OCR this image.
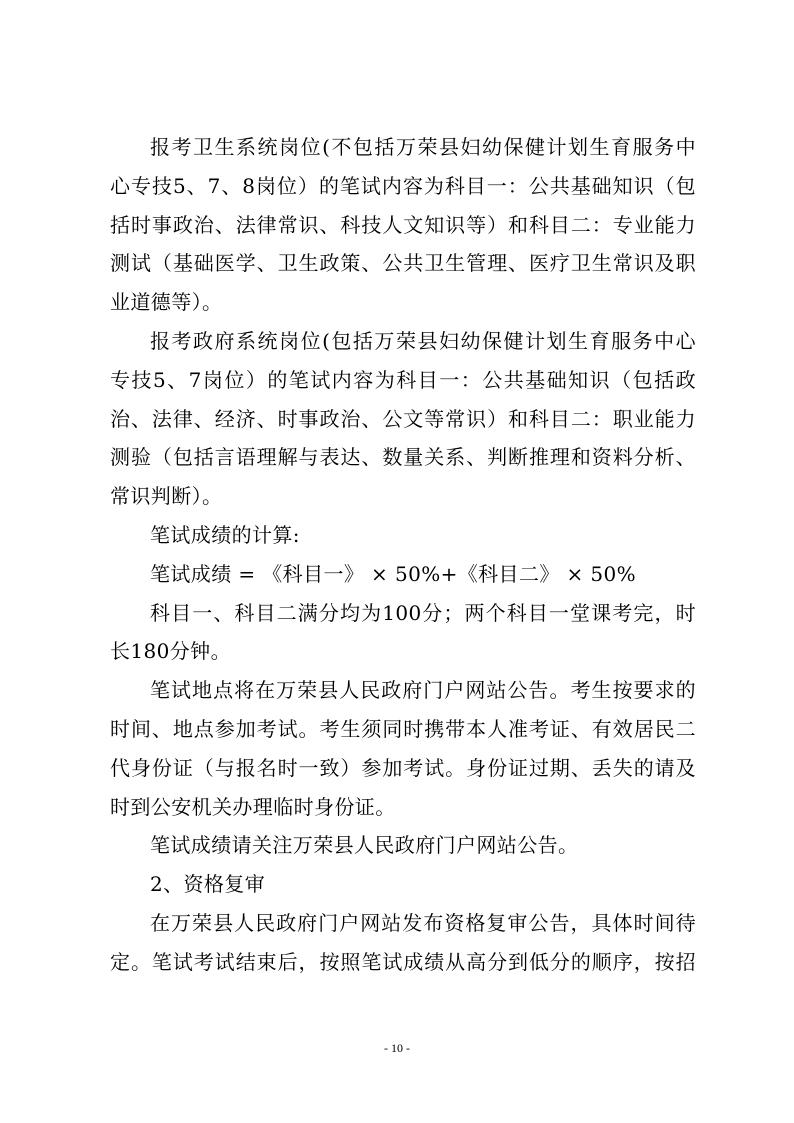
报考卫生系统岗位(不包括万荣县妇幼保健计划生育服务中
心专技5、7、8岗位）的笔试内容为科目一：公共基础知识（包
括时事政治、法律常识、科技人文知识等）和科目二：专业能力
测试（基础医学、卫生政策、公共卫生管理、医疗卫生常识及职
业道德等）。
报考政府系统岗位(包括万荣县妇幼保健计划生育服务中心
专技5、7岗位）的笔试内容为科目一：公共基础知识（包括政
治、法律、经济、时事政治、公文等常识）和科目二：职业能力
测验（包括言语理解与表达、数量关系、判断推理和资料分析、
常识判断）。
笔试成绩的计算:
笔试成绩 = 《科目一》 × 50%+《科目二》 × 50%
科目一、科目二满分均为100分；两个科目一堂课考完，时
长180分钟。
笔试地点将在万荣县人民政府门户网站公告。考生按要求的
时间、地点参加考试。考生须同时携带本人准考证、有效居民二
代身份证（与报名时一致）参加考试。身份证过期、丢失的请及
时到公安机关办理临时身份证。
笔试成绩请关注万荣县人民政府门户网站公告。
2、资格复审
在万荣县人民政府门户网站发布资格复审公告，具体时间待
定。笔试考试结束后，按照笔试成绩从高分到低分的顺序，按招
- 10 -
